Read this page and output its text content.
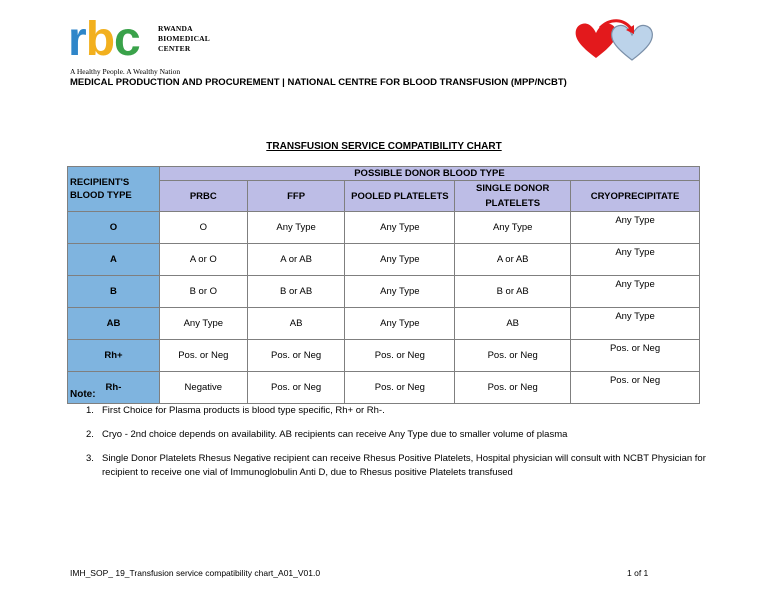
rbc RWANDA
BIOMEDICAL
CENTER
A Healthy People. A Wealthy Nation
MEDICAL PRODUCTION AND PROCUREMENT | NATIONAL CENTRE FOR BLOOD TRANSFUSION (MPP/NCBT)
TRANSFUSION SERVICE COMPATIBILITY CHART
RECIPIENT'S
BLOOD TYPE	POSSIBLE DONOR BLOOD TYPE				
	PRBC	FFP	POOLED PLATELETS	SINGLE DONOR PLATELETS	CRYOPRECIPITATE
O	O	Any Type	Any Type	Any Type	Any Type
A	A or O	A or AB	Any Type	A or AB	Any Type
B	B or O	B or AB	Any Type	B or AB	Any Type
AB	Any Type	AB	Any Type	AB	Any Type
Rh+	Pos. or Neg	Pos. or Neg	Pos. or Neg	Pos. or Neg	Pos. or Neg
Rh-	Negative	Pos. or Neg	Pos. or Neg	Pos. or Neg	Pos. or Neg
Note:
1. First Choice for Plasma products is blood type specific, Rh+ or Rh-.
2. Cryo - 2nd choice depends on availability. AB recipients can receive Any Type due to smaller volume of plasma
3. Single Donor Platelets Rhesus Negative recipient can receive Rhesus Positive Platelets, Hospital physician will consult with NCBT Physician for recipient to receive one vial of Immunoglobulin Anti D, due to Rhesus positive Platelets transfused
IMH_SOP_ 19_Transfusion service compatibility chart_A01_V01.0	1 of 1
